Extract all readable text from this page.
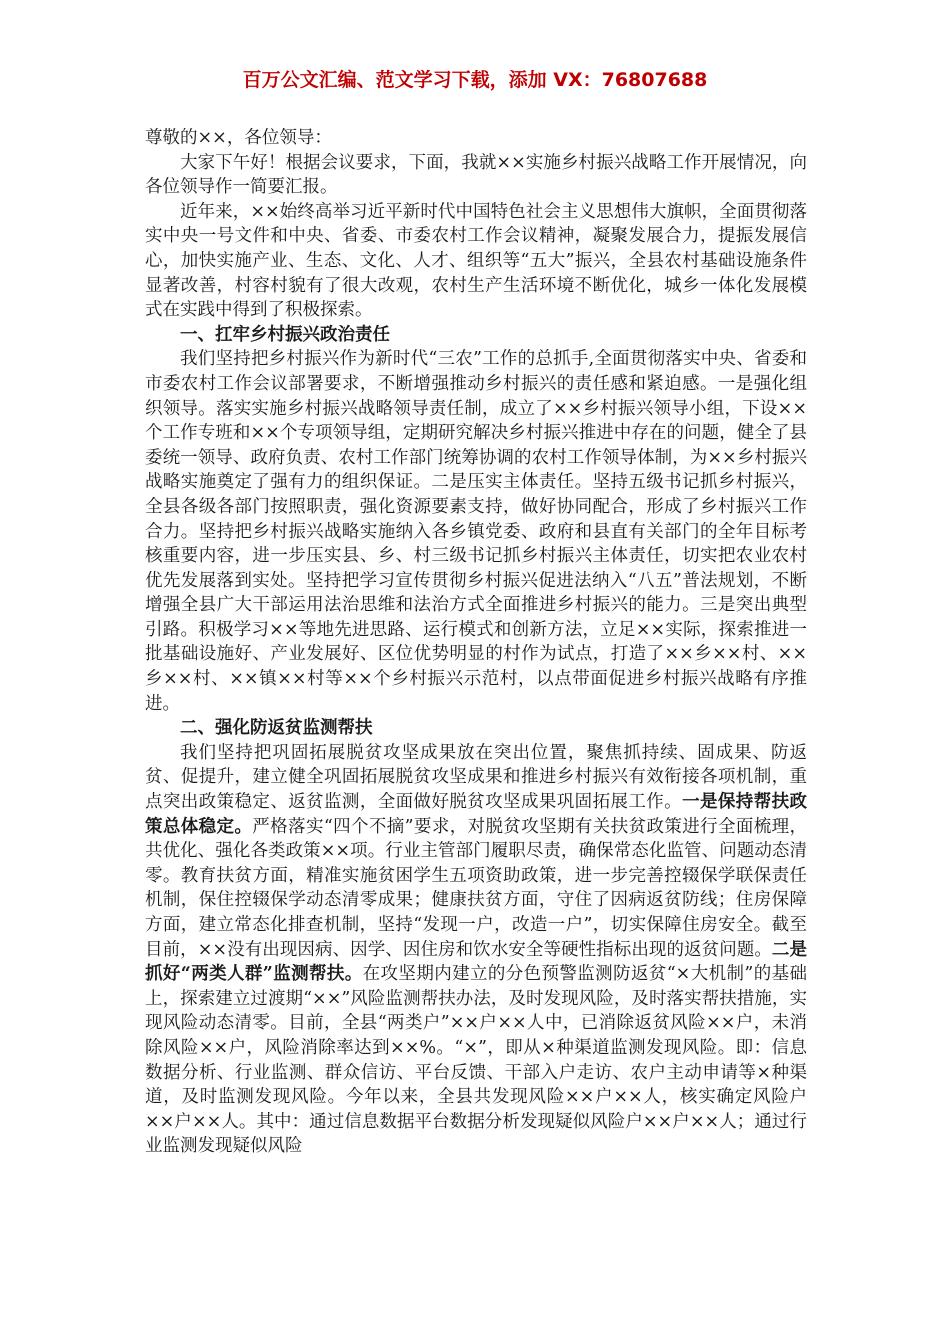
百万公文汇编、范文学习下载，添加 VX：76807688

尊敬的××，各位领导：

大家下午好！根据会议要求，下面，我就××实施乡村振兴战略工作开展情况，向各位领导作一简要汇报。

近年来，××始终高举习近平新时代中国特色社会主义思想伟大旗帜，全面贯彻落实中央一号文件和中央、省委、市委农村工作会议精神，凝聚发展合力，提振发展信心，加快实施产业、生态、文化、人才、组织等“五大”振兴，全县农村基础设施条件显著改善，村容村貌有了很大改观，农村生产生活环境不断优化，城乡一体化发展模式在实践中得到了积极探索。

一、扛牢乡村振兴政治责任

我们坚持把乡村振兴作为新时代“三农”工作的总抓手,全面贯彻落实中央、省委和市委农村工作会议部署要求，不断增强推动乡村振兴的责任感和紧迫感。一是强化组织领导。落实实施乡村振兴战略领导责任制，成立了××乡村振兴领导小组，下设××个工作专班和××个专项领导组，定期研究解决乡村振兴推进中存在的问题，健全了县委统一领导、政府负责、农村工作部门统筹协调的农村工作领导体制，为××乡村振兴战略实施奠定了强有力的组织保证。二是压实主体责任。坚持五级书记抓乡村振兴，全县各级各部门按照职责，强化资源要素支持，做好协同配合，形成了乡村振兴工作合力。坚持把乡村振兴战略实施纳入各乡镇党委、政府和县直有关部门的全年目标考核重要内容，进一步压实县、乡、村三级书记抓乡村振兴主体责任，切实把农业农村优先发展落到实处。坚持把学习宣传贯彻乡村振兴促进法纳入“八五”普法规划，不断增强全县广大干部运用法治思维和法治方式全面推进乡村振兴的能力。三是突出典型引路。积极学习××等地先进思路、运行模式和创新方法，立足××实际，探索推进一批基础设施好、产业发展好、区位优势明显的村作为试点，打造了××乡××村、××乡××村、××镇××村等××个乡村振兴示范村，以点带面促进乡村振兴战略有序推进。

二、强化防返贫监测帮扶

我们坚持把巩固拓展脱贫攻坚成果放在突出位置，聚焦抓持续、固成果、防返贫、促提升，建立健全巩固拓展脱贫攻坚成果和推进乡村振兴有效衔接各项机制，重点突出政策稳定、返贫监测，全面做好脱贫攻坚成果巩固拓展工作。一是保持帮扶政策总体稳定。严格落实“四个不摘”要求，对脱贫攻坚期有关扶贫政策进行全面梳理，共优化、强化各类政策××项。行业主管部门履职尽责，确保常态化监管、问题动态清零。教育扶贫方面，精准实施贫困学生五项资助政策，进一步完善控辍保学联保责任机制，保住控辍保学动态清零成果；健康扶贫方面，守住了因病返贫防线；住房保障方面，建立常态化排查机制，坚持“发现一户，改造一户”，切实保障住房安全。截至目前，××没有出现因病、因学、因住房和饮水安全等硬性指标出现的返贫问题。二是抓好“两类人群”监测帮扶。在攻坚期内建立的分色预警监测防返贫“×大机制”的基础上，探索建立过渡期“××”风险监测帮扶办法，及时发现风险，及时落实帮扶措施，实现风险动态清零。目前，全县“两类户”××户××人中，已消除返贫风险××户，未消除风险××户，风险消除率达到××%。“×”，即从×种渠道监测发现风险。即：信息数据分析、行业监测、群众信访、平台反馈、干部入户走访、农户主动申请等×种渠道，及时监测发现风险。今年以来，全县共发现风险××户××人，核实确定风险户××户××人。其中：通过信息数据平台数据分析发现疑似风险户××户××人；通过行业监测发现疑似风险
